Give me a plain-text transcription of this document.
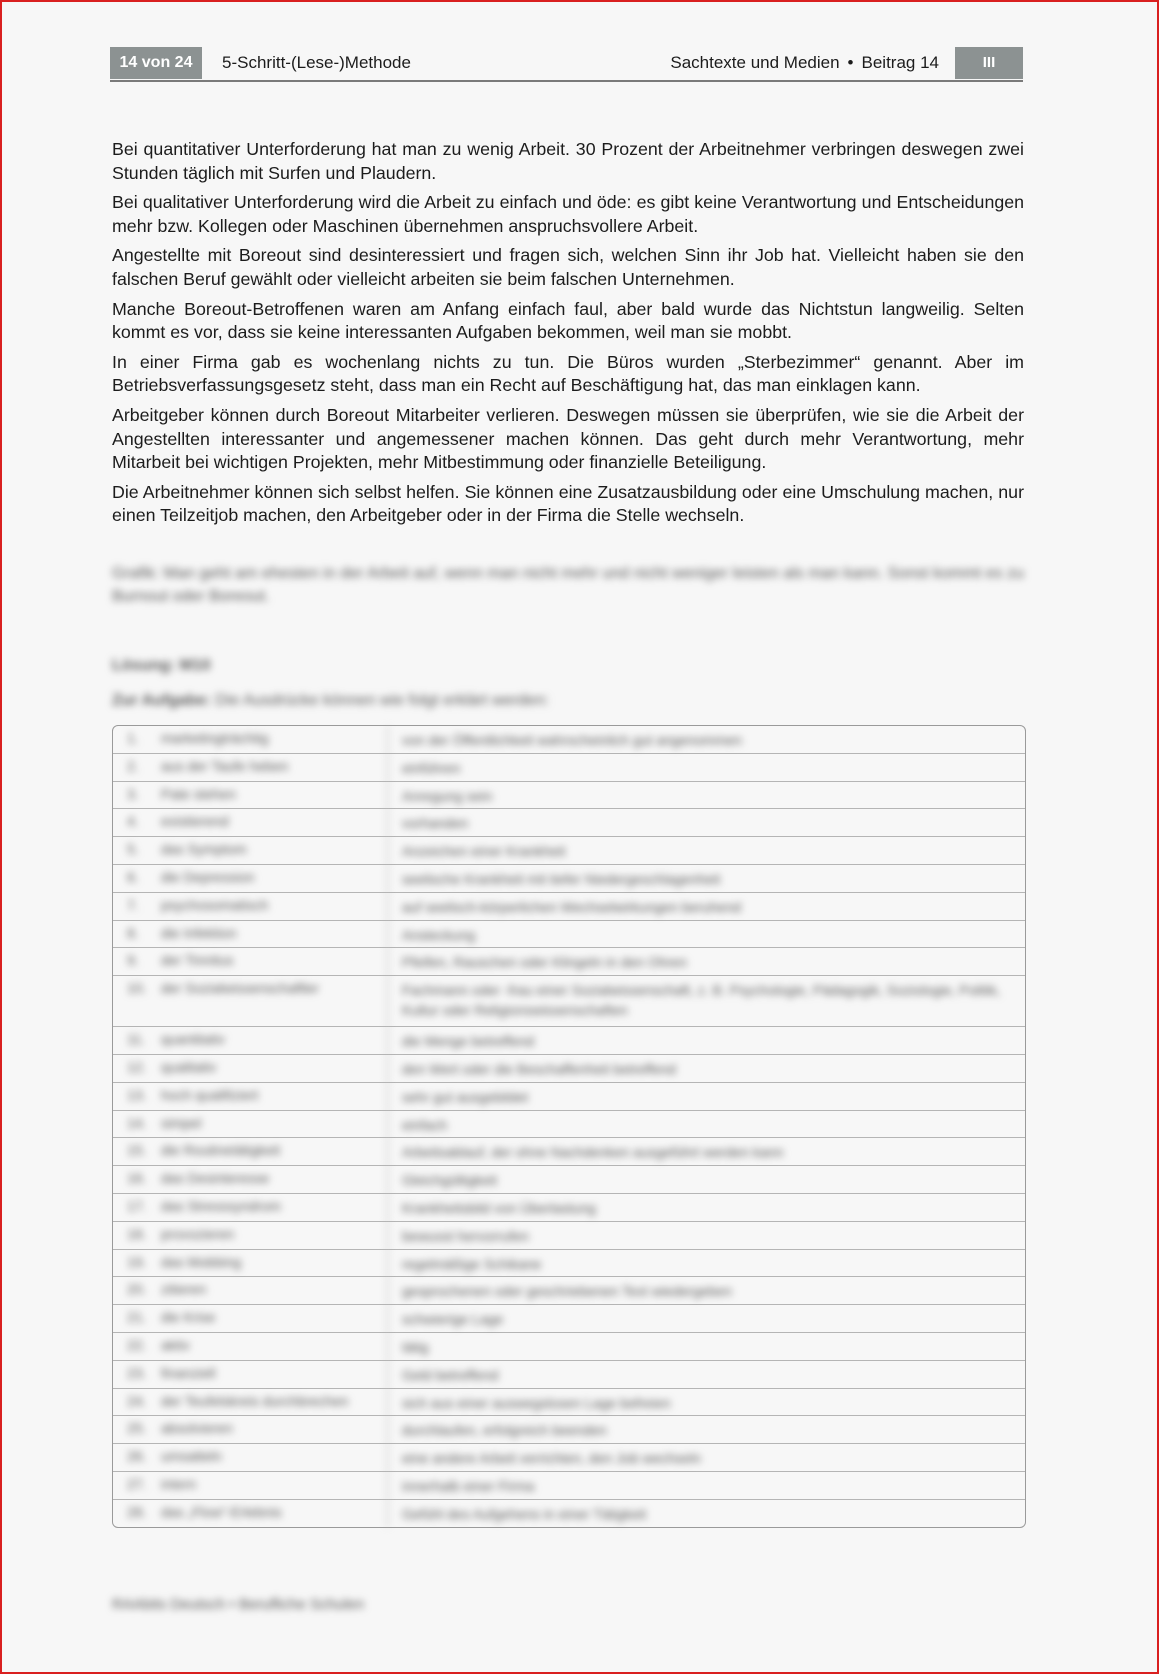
14 von 24	5-Schritt-(Lese-)Methode	Sachtexte und Medien • Beitrag 14	III

Bei quantitativer Unterforderung hat man zu wenig Arbeit. 30 Prozent der Arbeitnehmer verbringen deswegen zwei Stunden täglich mit Surfen und Plaudern.

Bei qualitativer Unterforderung wird die Arbeit zu einfach und öde: es gibt keine Verantwortung und Entscheidungen mehr bzw. Kollegen oder Maschinen übernehmen anspruchsvollere Arbeit.

Angestellte mit Boreout sind desinteressiert und fragen sich, welchen Sinn ihr Job hat. Vielleicht haben sie den falschen Beruf gewählt oder vielleicht arbeiten sie beim falschen Unternehmen.

Manche Boreout-Betroffenen waren am Anfang einfach faul, aber bald wurde das Nichtstun langweilig. Selten kommt es vor, dass sie keine interessanten Aufgaben bekommen, weil man sie mobbt.

In einer Firma gab es wochenlang nichts zu tun. Die Büros wurden „Sterbezimmer“ genannt. Aber im Betriebsverfassungsgesetz steht, dass man ein Recht auf Beschäftigung hat, das man einklagen kann.

Arbeitgeber können durch Boreout Mitarbeiter verlieren. Deswegen müssen sie überprüfen, wie sie die Arbeit der Angestellten interessanter und angemessener machen können. Das geht durch mehr Verantwortung, mehr Mitarbeit bei wichtigen Projekten, mehr Mitbestimmung oder finanzielle Beteiligung.

Die Arbeitnehmer können sich selbst helfen. Sie können eine Zusatzausbildung oder eine Umschulung machen, nur einen Teilzeitjob machen, den Arbeitgeber oder in der Firma die Stelle wechseln.

Grafik: Man geht am ehesten in der Arbeit auf, wenn man nicht mehr und nicht weniger leisten als man kann. Sonst kommt es zu Burnout oder Boreout.
Lösung: M10
Zur Aufgabe: Die Ausdrücke können wie folgt erklärt werden:
1.	marketingträchtig	von der Öffentlichkeit wahrscheinlich gut angenommen
2.	aus der Taufe heben	einführen
3.	Pate stehen	Anregung sein
4.	existierend	vorhanden
5.	das Symptom	Anzeichen einer Krankheit
6.	die Depression	seelische Krankheit mit tiefer Niedergeschlagenheit
7.	psychosomatisch	auf seelisch-körperlichen Wechselwirkungen beruhend
8.	die Infektion	Ansteckung
9.	der Tinnitus	Pfeifen, Rauschen oder Klingeln in den Ohren
10.	der Sozialwissenschaftler	Fachmann oder -frau einer Sozialwissenschaft, z. B. Psychologie, Pädagogik, Soziologie, Politik, Kultur oder Religionswissenschaften
11.	quantitativ	die Menge betreffend
12.	qualitativ	den Wert oder die Beschaffenheit betreffend
13.	hoch qualifiziert	sehr gut ausgebildet
14.	simpel	einfach
15.	die Routinetätigkeit	Arbeitsablauf, der ohne Nachdenken ausgeführt werden kann
16.	das Desinteresse	Gleichgültigkeit
17.	das Stresssyndrom	Krankheitsbild von Überlastung
18.	provozieren	bewusst hervorrufen
19.	das Mobbing	regelmäßige Schikane
20.	zitieren	gesprochenen oder geschriebenen Text wiedergeben
21.	die Krise	schwierige Lage
22.	aktiv	tätig
23.	finanziell	Geld betreffend
24.	der Teufelskreis durchbrechen	sich aus einer auswegslosen Lage befreien
25.	absolvieren	durchlaufen, erfolgreich beenden
26.	umsatteln	eine andere Arbeit verrichten, den Job wechseln
27.	intern	innerhalb einer Firma
28.	das „Flow“-Erlebnis	Gefühl des Aufgehens in einer Tätigkeit
RAAbits Deutsch • Berufliche Schulen
